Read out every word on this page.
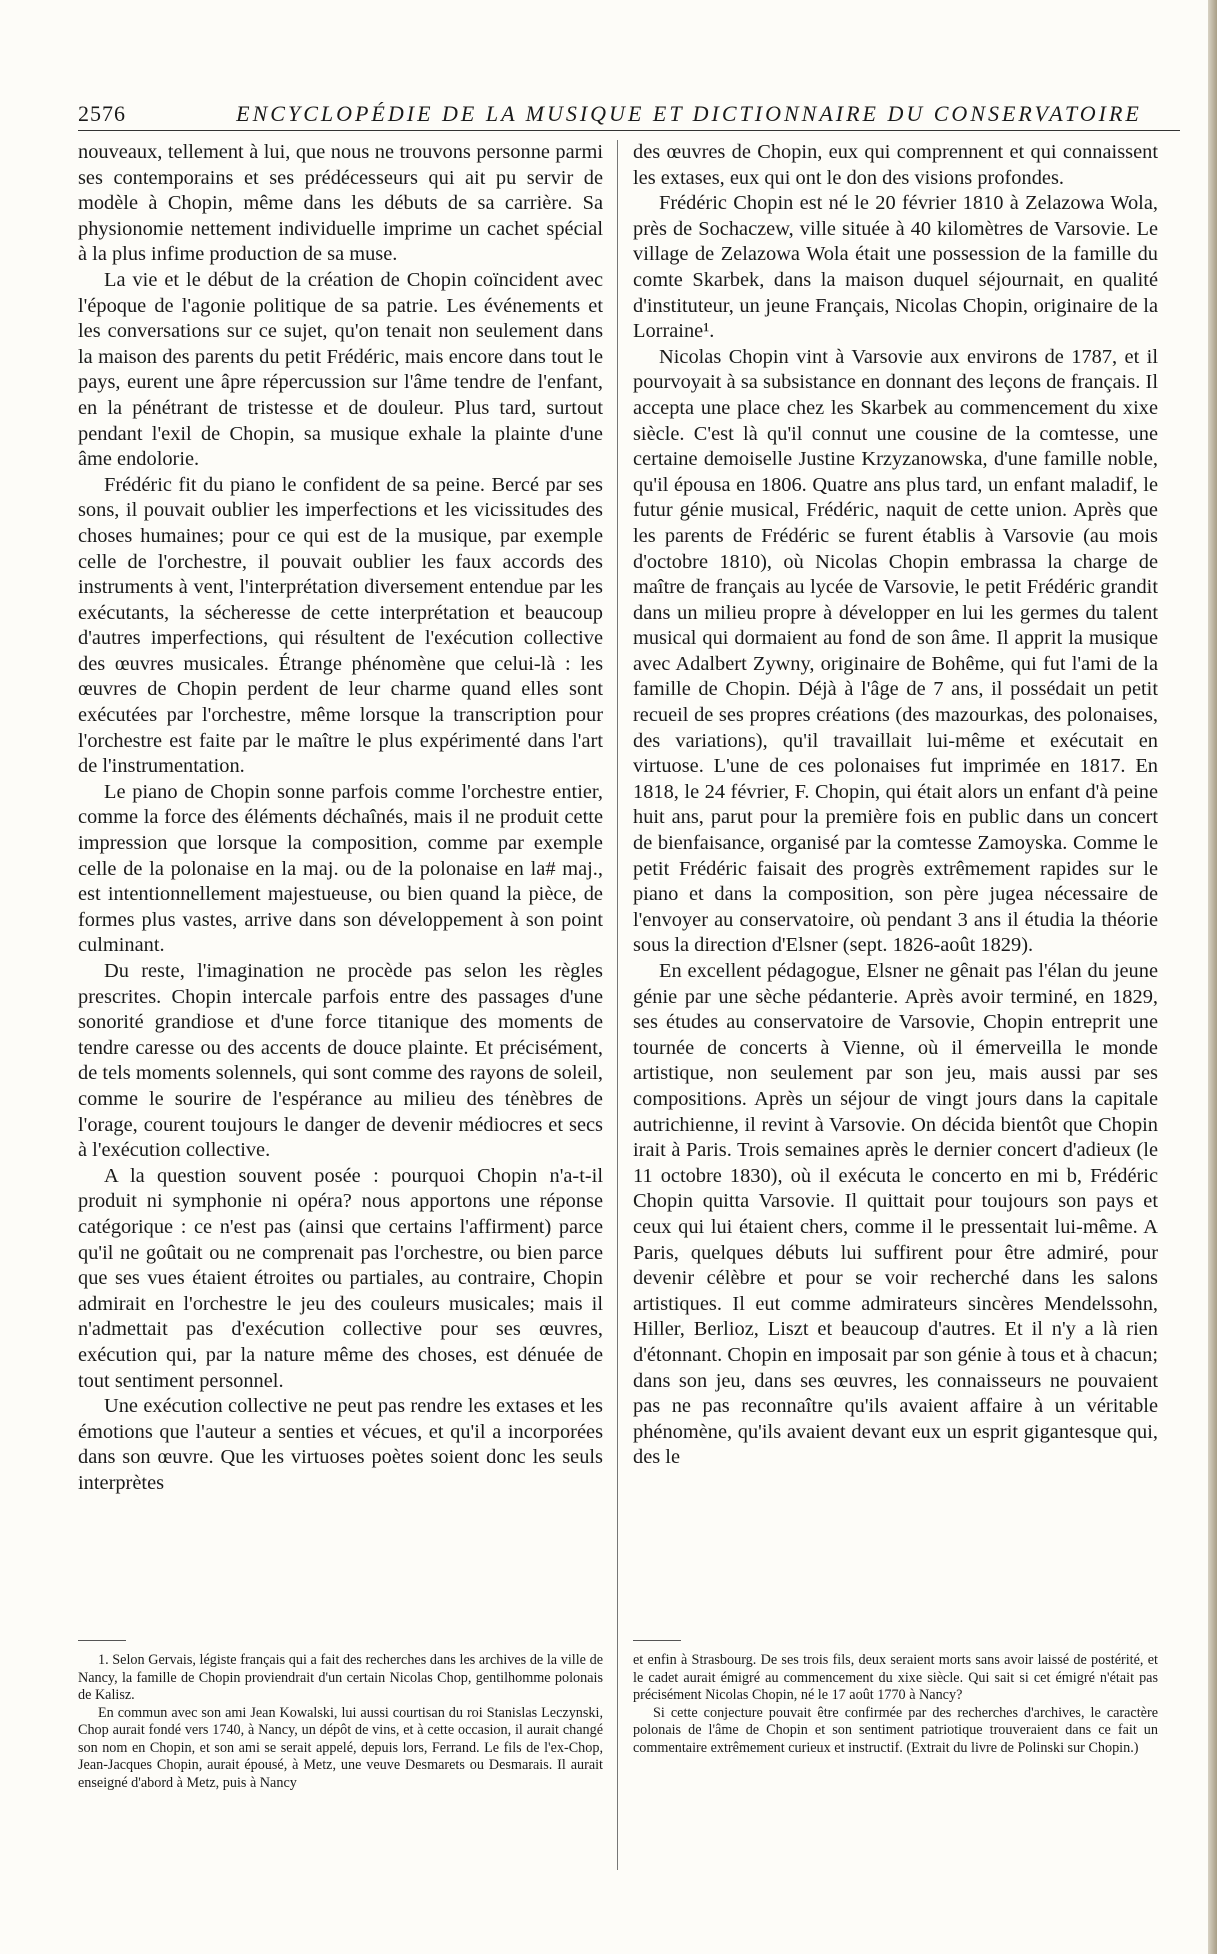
2576	ENCYCLOPÉDIE DE LA MUSIQUE ET DICTIONNAIRE DU CONSERVATOIRE

nouveaux, tellement à lui, que nous ne trouvons personne parmi ses contemporains et ses prédécesseurs qui ait pu servir de modèle à Chopin, même dans les débuts de sa carrière. Sa physionomie nettement individuelle imprime un cachet spécial à la plus infime production de sa muse.

La vie et le début de la création de Chopin coïncident avec l'époque de l'agonie politique de sa patrie. Les événements et les conversations sur ce sujet, qu'on tenait non seulement dans la maison des parents du petit Frédéric, mais encore dans tout le pays, eurent une âpre répercussion sur l'âme tendre de l'enfant, en la pénétrant de tristesse et de douleur. Plus tard, surtout pendant l'exil de Chopin, sa musique exhale la plainte d'une âme endolorie.

Frédéric fit du piano le confident de sa peine. Bercé par ses sons, il pouvait oublier les imperfections et les vicissitudes des choses humaines; pour ce qui est de la musique, par exemple celle de l'orchestre, il pouvait oublier les faux accords des instruments à vent, l'interprétation diversement entendue par les exécutants, la sécheresse de cette interprétation et beaucoup d'autres imperfections, qui résultent de l'exécution collective des œuvres musicales. Étrange phénomène que celui-là : les œuvres de Chopin perdent de leur charme quand elles sont exécutées par l'orchestre, même lorsque la transcription pour l'orchestre est faite par le maître le plus expérimenté dans l'art de l'instrumentation.

Le piano de Chopin sonne parfois comme l'orchestre entier, comme la force des éléments déchaînés, mais il ne produit cette impression que lorsque la composition, comme par exemple celle de la polonaise en la maj. ou de la polonaise en la# maj., est intentionnellement majestueuse, ou bien quand la pièce, de formes plus vastes, arrive dans son développement à son point culminant.

Du reste, l'imagination ne procède pas selon les règles prescrites. Chopin intercale parfois entre des passages d'une sonorité grandiose et d'une force titanique des moments de tendre caresse ou des accents de douce plainte. Et précisément, de tels moments solennels, qui sont comme des rayons de soleil, comme le sourire de l'espérance au milieu des ténèbres de l'orage, courent toujours le danger de devenir médiocres et secs à l'exécution collective.

A la question souvent posée : pourquoi Chopin n'a-t-il produit ni symphonie ni opéra? nous apportons une réponse catégorique : ce n'est pas (ainsi que certains l'affirment) parce qu'il ne goûtait ou ne comprenait pas l'orchestre, ou bien parce que ses vues étaient étroites ou partiales, au contraire, Chopin admirait en l'orchestre le jeu des couleurs musicales; mais il n'admettait pas d'exécution collective pour ses œuvres, exécution qui, par la nature même des choses, est dénuée de tout sentiment personnel.

Une exécution collective ne peut pas rendre les extases et les émotions que l'auteur a senties et vécues, et qu'il a incorporées dans son œuvre. Que les virtuoses poètes soient donc les seuls interprètes

des œuvres de Chopin, eux qui comprennent et qui connaissent les extases, eux qui ont le don des visions profondes.

Frédéric Chopin est né le 20 février 1810 à Zelazowa Wola, près de Sochaczew, ville située à 40 kilomètres de Varsovie. Le village de Zelazowa Wola était une possession de la famille du comte Skarbek, dans la maison duquel séjournait, en qualité d'instituteur, un jeune Français, Nicolas Chopin, originaire de la Lorraine¹.

Nicolas Chopin vint à Varsovie aux environs de 1787, et il pourvoyait à sa subsistance en donnant des leçons de français. Il accepta une place chez les Skarbek au commencement du xixe siècle. C'est là qu'il connut une cousine de la comtesse, une certaine demoiselle Justine Krzyzanowska, d'une famille noble, qu'il épousa en 1806. Quatre ans plus tard, un enfant maladif, le futur génie musical, Frédéric, naquit de cette union. Après que les parents de Frédéric se furent établis à Varsovie (au mois d'octobre 1810), où Nicolas Chopin embrassa la charge de maître de français au lycée de Varsovie, le petit Frédéric grandit dans un milieu propre à développer en lui les germes du talent musical qui dormaient au fond de son âme. Il apprit la musique avec Adalbert Zywny, originaire de Bohême, qui fut l'ami de la famille de Chopin. Déjà à l'âge de 7 ans, il possédait un petit recueil de ses propres créations (des mazourkas, des polonaises, des variations), qu'il travaillait lui-même et exécutait en virtuose. L'une de ces polonaises fut imprimée en 1817. En 1818, le 24 février, F. Chopin, qui était alors un enfant d'à peine huit ans, parut pour la première fois en public dans un concert de bienfaisance, organisé par la comtesse Zamoyska. Comme le petit Frédéric faisait des progrès extrêmement rapides sur le piano et dans la composition, son père jugea nécessaire de l'envoyer au conservatoire, où pendant 3 ans il étudia la théorie sous la direction d'Elsner (sept. 1826-août 1829).

En excellent pédagogue, Elsner ne gênait pas l'élan du jeune génie par une sèche pédanterie. Après avoir terminé, en 1829, ses études au conservatoire de Varsovie, Chopin entreprit une tournée de concerts à Vienne, où il émerveilla le monde artistique, non seulement par son jeu, mais aussi par ses compositions. Après un séjour de vingt jours dans la capitale autrichienne, il revint à Varsovie. On décida bientôt que Chopin irait à Paris. Trois semaines après le dernier concert d'adieux (le 11 octobre 1830), où il exécuta le concerto en mi b, Frédéric Chopin quitta Varsovie. Il quittait pour toujours son pays et ceux qui lui étaient chers, comme il le pressentait lui-même. A Paris, quelques débuts lui suffirent pour être admiré, pour devenir célèbre et pour se voir recherché dans les salons artistiques. Il eut comme admirateurs sincères Mendelssohn, Hiller, Berlioz, Liszt et beaucoup d'autres. Et il n'y a là rien d'étonnant. Chopin en imposait par son génie à tous et à chacun; dans son jeu, dans ses œuvres, les connaisseurs ne pouvaient pas ne pas reconnaître qu'ils avaient affaire à un véritable phénomène, qu'ils avaient devant eux un esprit gigantesque qui, des le

1. Selon Gervais, légiste français qui a fait des recherches dans les archives de la ville de Nancy, la famille de Chopin proviendrait d'un certain Nicolas Chop, gentilhomme polonais de Kalisz.

En commun avec son ami Jean Kowalski, lui aussi courtisan du roi Stanislas Leczynski, Chop aurait fondé vers 1740, à Nancy, un dépôt de vins, et à cette occasion, il aurait changé son nom en Chopin, et son ami se serait appelé, depuis lors, Ferrand. Le fils de l'ex-Chop, Jean-Jacques Chopin, aurait épousé, à Metz, une veuve Desmarets ou Desmarais. Il aurait enseigné d'abord à Metz, puis à Nancy

et enfin à Strasbourg. De ses trois fils, deux seraient morts sans avoir laissé de postérité, et le cadet aurait émigré au commencement du xixe siècle. Qui sait si cet émigré n'était pas précisément Nicolas Chopin, né le 17 août 1770 à Nancy?

Si cette conjecture pouvait être confirmée par des recherches d'archives, le caractère polonais de l'âme de Chopin et son sentiment patriotique trouveraient dans ce fait un commentaire extrêmement curieux et instructif. (Extrait du livre de Polinski sur Chopin.)
